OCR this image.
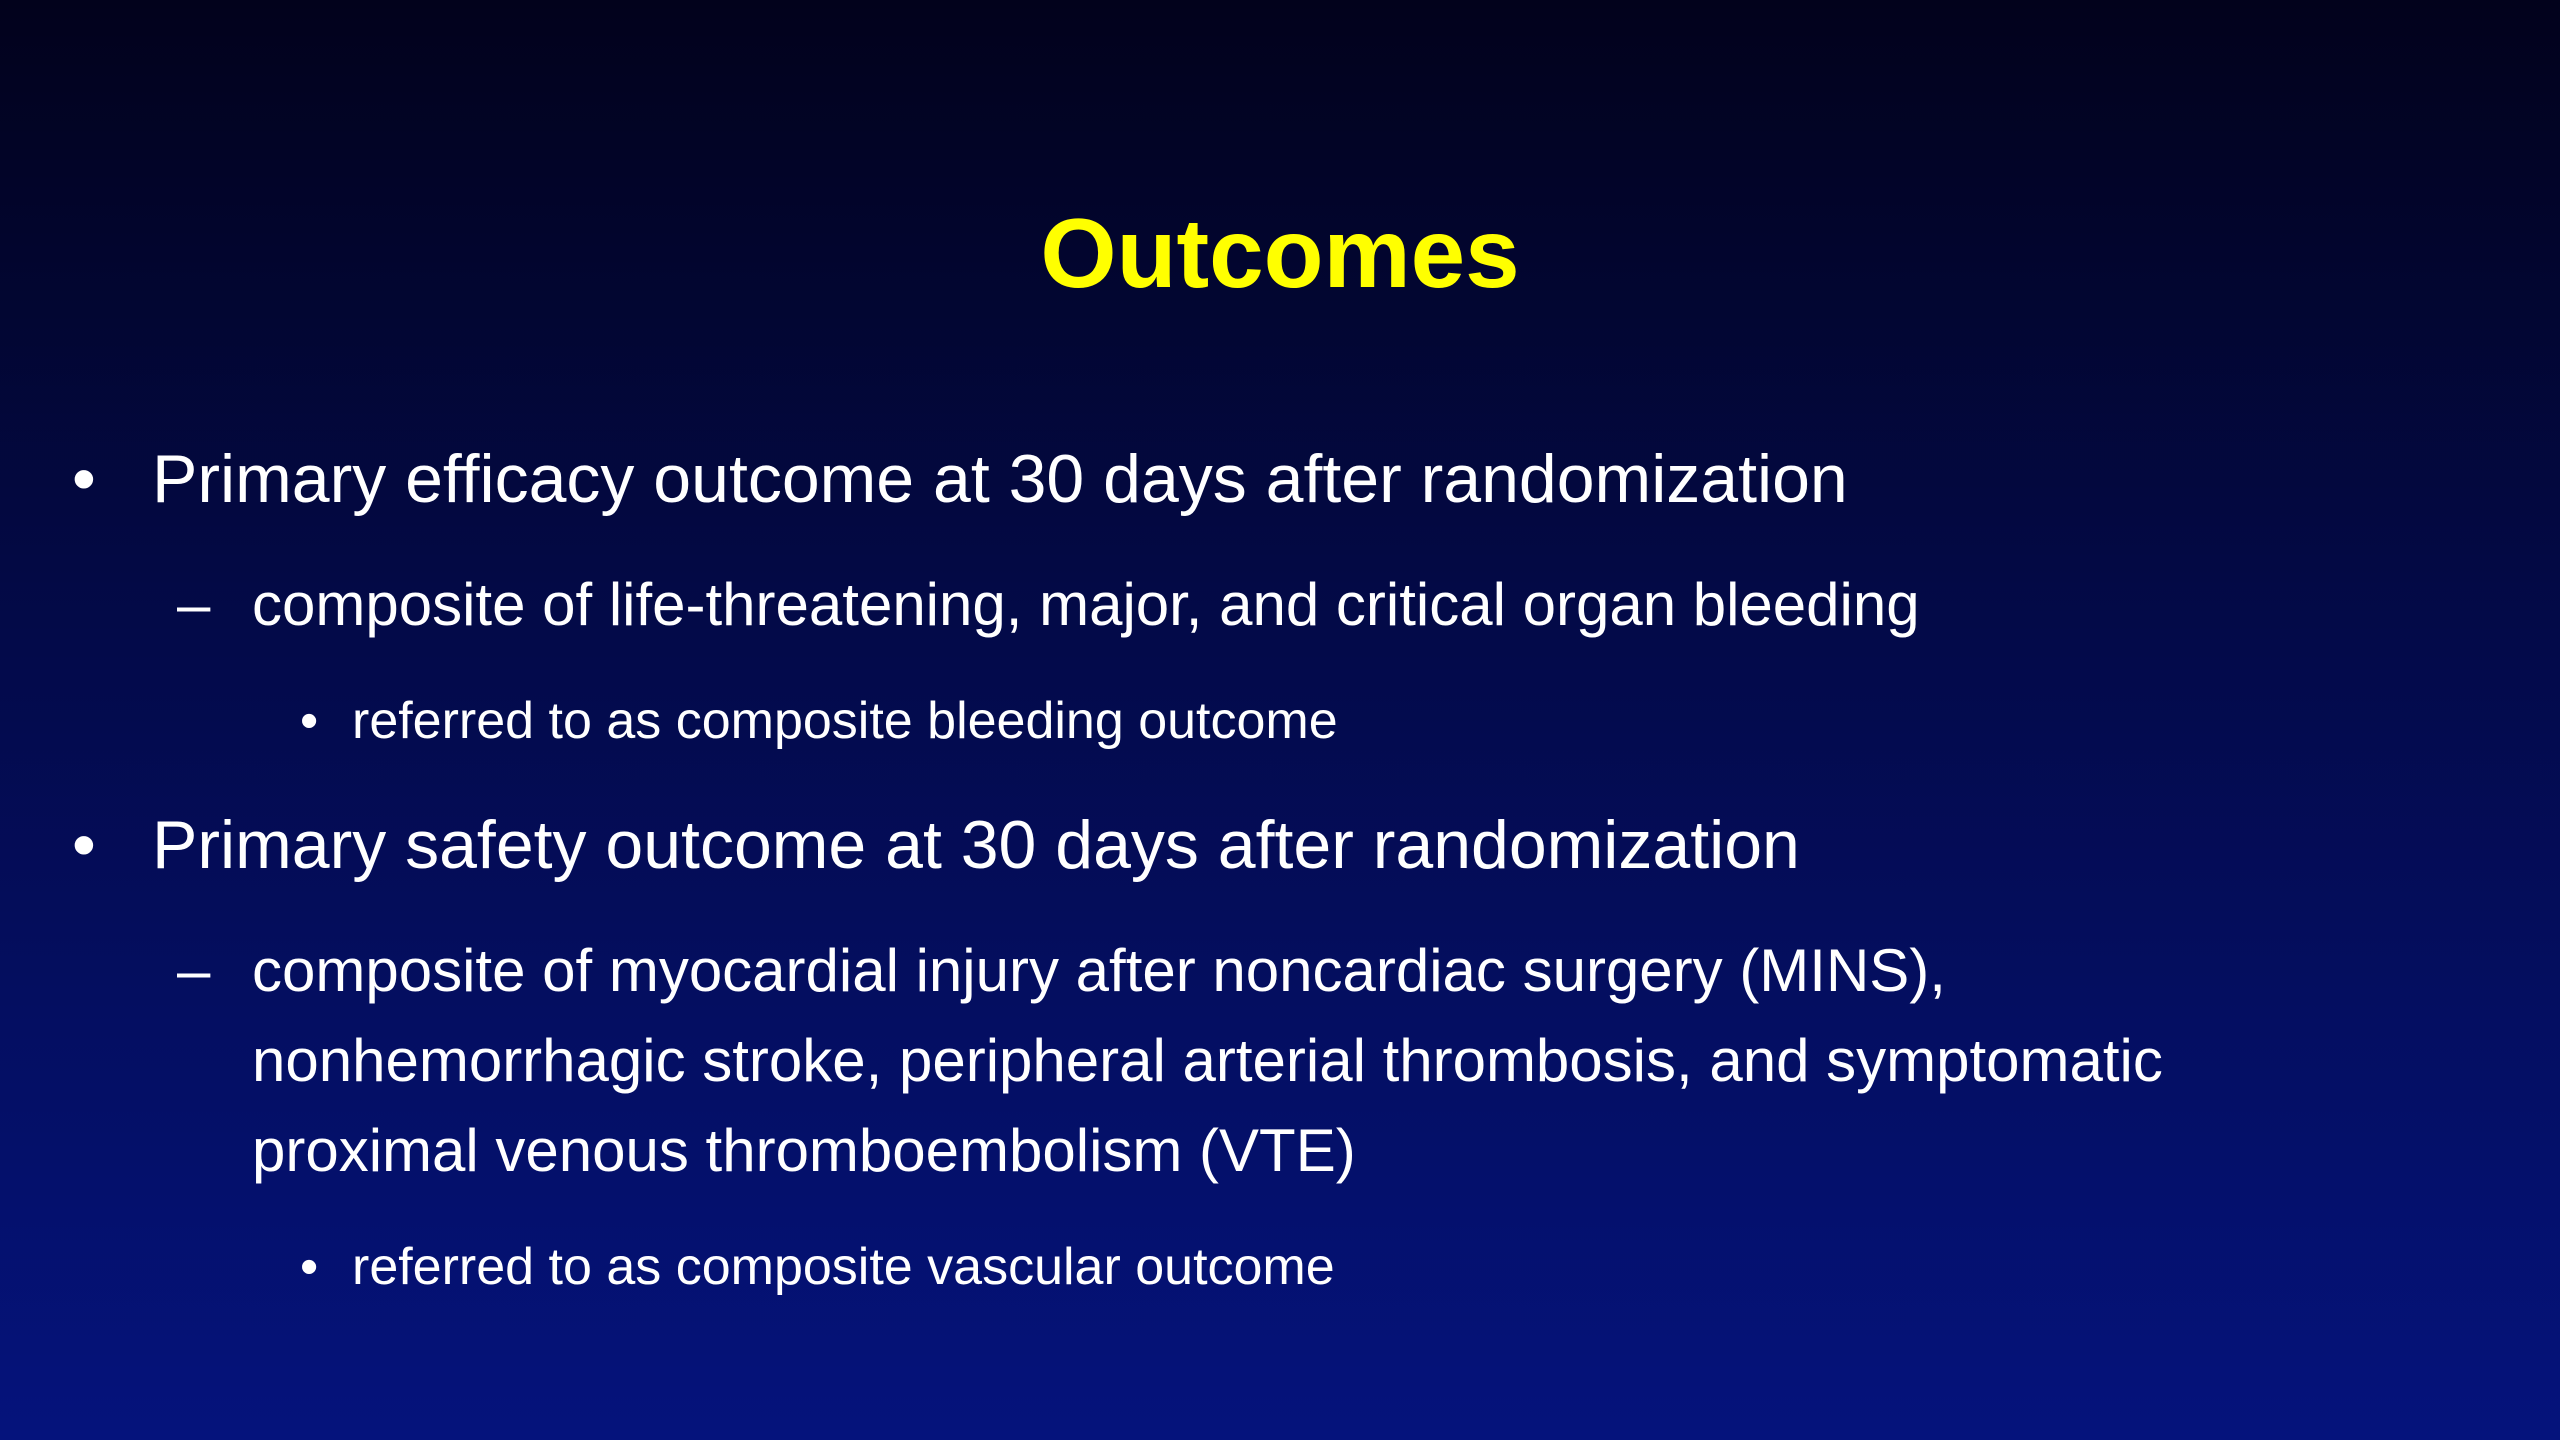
Outcomes
• Primary efficacy outcome at 30 days after randomization
– composite of life-threatening, major, and critical organ bleeding
• referred to as composite bleeding outcome
• Primary safety outcome at 30 days after randomization
– composite of myocardial injury after noncardiac surgery (MINS),
nonhemorrhagic stroke, peripheral arterial thrombosis, and symptomatic
proximal venous thromboembolism (VTE)
• referred to as composite vascular outcome
